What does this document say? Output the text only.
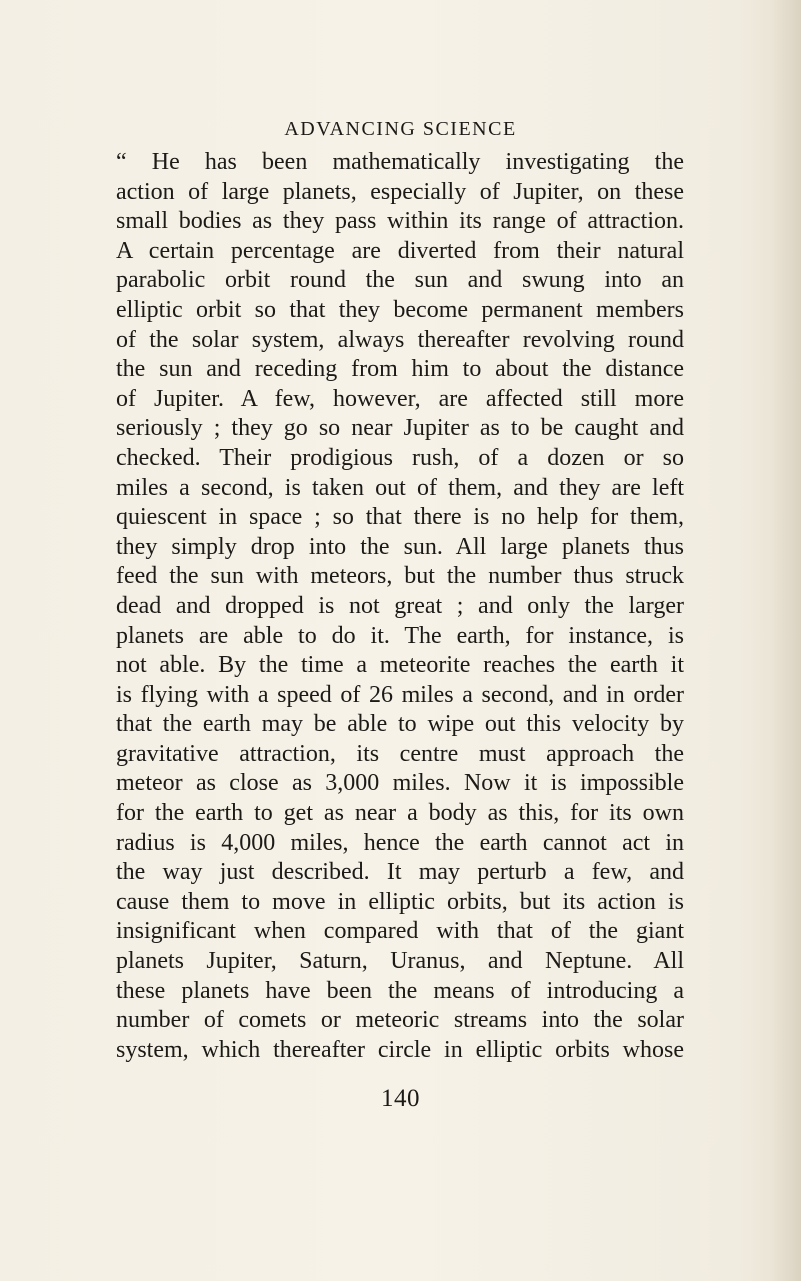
ADVANCING SCIENCE
“ He has been mathematically investigating the
action of large planets, especially of Jupiter, on these
small bodies as they pass within its range of attraction.
A certain percentage are diverted from their natural
parabolic orbit round the sun and swung into an
elliptic orbit so that they become permanent members
of the solar system, always thereafter revolving round
the sun and receding from him to about the distance
of Jupiter. A few, however, are affected still more
seriously ; they go so near Jupiter as to be caught and
checked. Their prodigious rush, of a dozen or so
miles a second, is taken out of them, and they are left
quiescent in space ; so that there is no help for them,
they simply drop into the sun. All large planets thus
feed the sun with meteors, but the number thus struck
dead and dropped is not great ; and only the larger
planets are able to do it. The earth, for instance, is
not able. By the time a meteorite reaches the earth it
is flying with a speed of 26 miles a second, and in order
that the earth may be able to wipe out this velocity by
gravitative attraction, its centre must approach the
meteor as close as 3,000 miles. Now it is impossible
for the earth to get as near a body as this, for its own
radius is 4,000 miles, hence the earth cannot act in
the way just described. It may perturb a few, and
cause them to move in elliptic orbits, but its action is
insignificant when compared with that of the giant
planets Jupiter, Saturn, Uranus, and Neptune. All
these planets have been the means of introducing a
number of comets or meteoric streams into the solar
system, which thereafter circle in elliptic orbits whose
140
